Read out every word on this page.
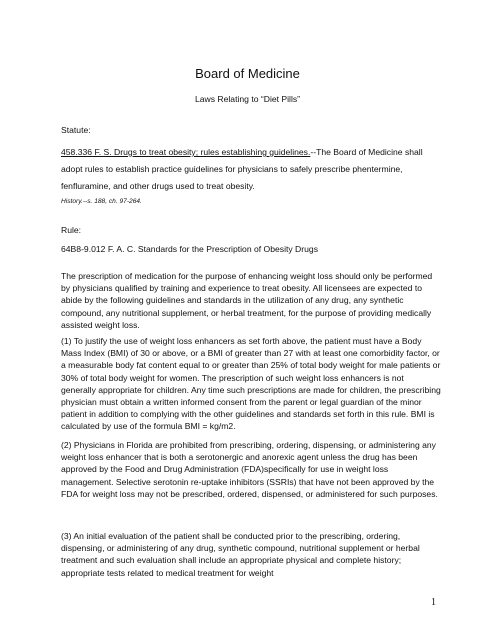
Board of Medicine
Laws Relating to “Diet Pills”
Statute:
458.336 F. S. Drugs to treat obesity; rules establishing guidelines.--The Board of Medicine shall adopt rules to establish practice guidelines for physicians to safely prescribe phentermine, fenfluramine, and other drugs used to treat obesity.
History.--s. 188, ch. 97-264.
Rule:
64B8-9.012 F. A. C. Standards for the Prescription of Obesity Drugs

The prescription of medication for the purpose of enhancing weight loss should only be performed by physicians qualified by training and experience to treat obesity. All licensees are expected to abide by the following guidelines and standards in the utilization of any drug, any synthetic compound, any nutritional supplement, or herbal treatment, for the purpose of providing medically assisted weight loss.

(1) To justify the use of weight loss enhancers as set forth above, the patient must have a Body Mass Index (BMI) of 30 or above, or a BMI of greater than 27 with at least one comorbidity factor, or a measurable body fat content equal to or greater than 25% of total body weight for male patients or 30% of total body weight for women. The prescription of such weight loss enhancers is not generally appropriate for children. Any time such prescriptions are made for children, the prescribing physician must obtain a written informed consent from the parent or legal guardian of the minor patient in addition to complying with the other guidelines and standards set forth in this rule. BMI is calculated by use of the formula BMI = kg/m2.

(2) Physicians in Florida are prohibited from prescribing, ordering, dispensing, or administering any weight loss enhancer that is both a serotonergic and anorexic agent unless the drug has been approved by the Food and Drug Administration (FDA)specifically for use in weight loss management. Selective serotonin re-uptake inhibitors (SSRIs) that have not been approved by the FDA for weight loss may not be prescribed, ordered, dispensed, or administered for such purposes.

(3) An initial evaluation of the patient shall be conducted prior to the prescribing, ordering, dispensing, or administering of any drug, synthetic compound, nutritional supplement or herbal treatment and such evaluation shall include an appropriate physical and complete history; appropriate tests related to medical treatment for weight

1
